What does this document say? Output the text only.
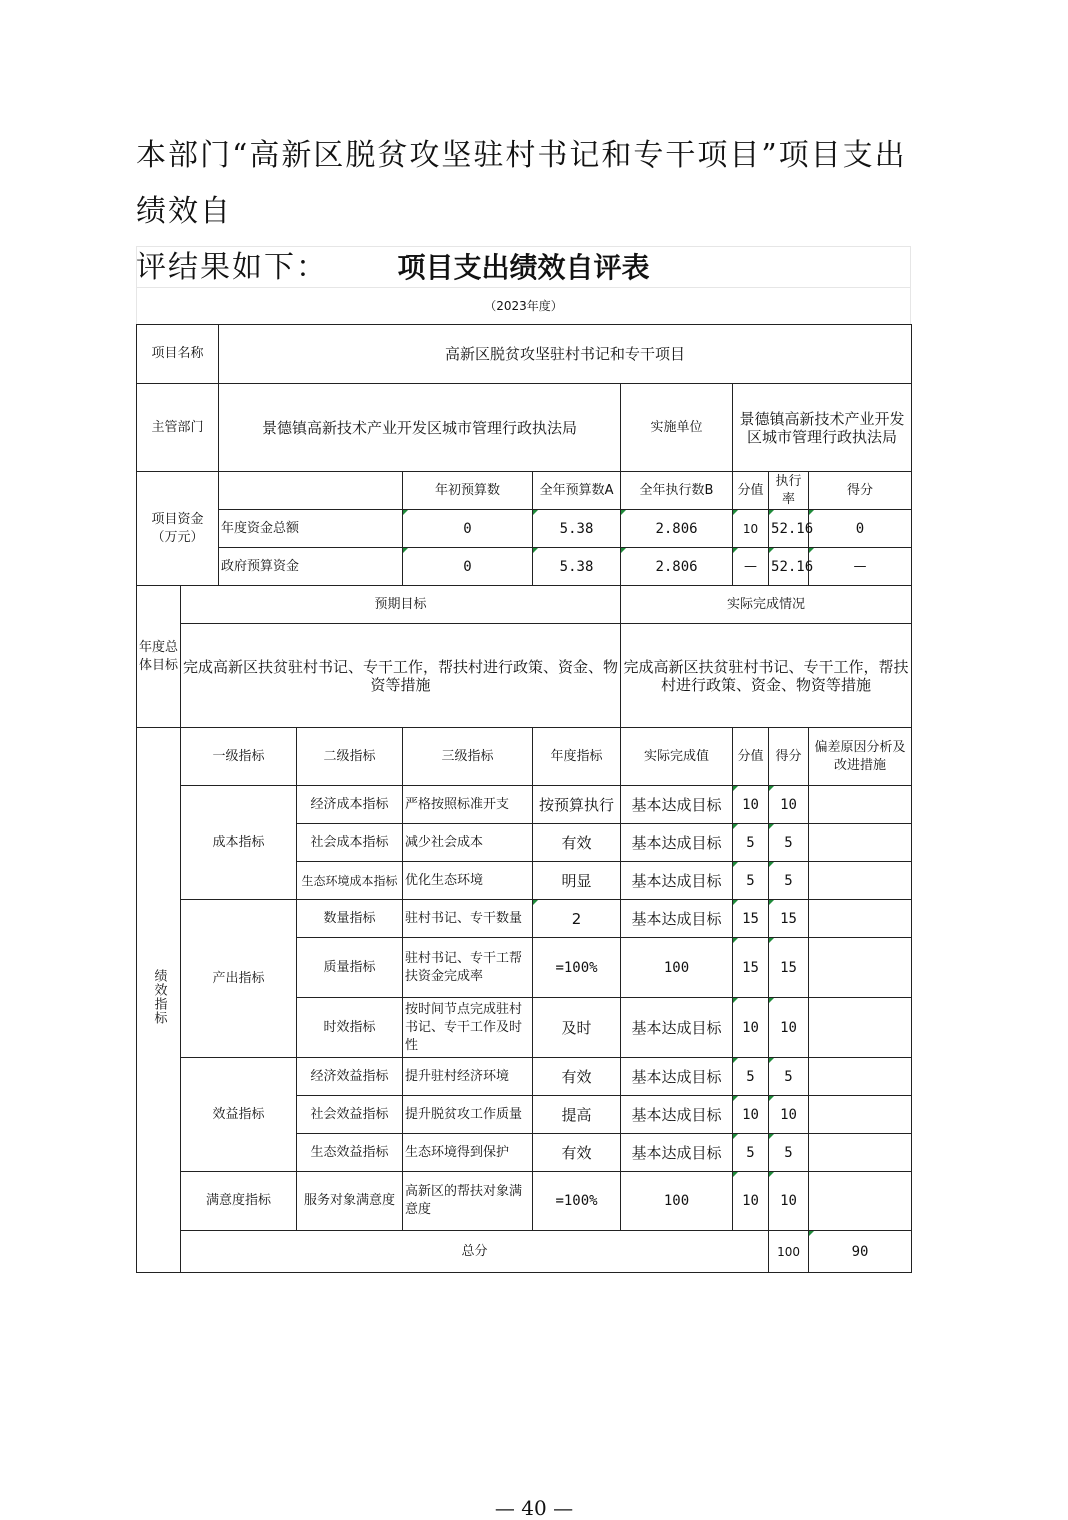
本部门“高新区脱贫攻坚驻村书记和专干项目”项目支出绩效自

评结果如下：	项目支出绩效自评表
（2023年度）
项目名称		高新区脱贫攻坚驻村书记和专干项目								
主管部门		景德镇高新技术产业开发区城市管理行政执法局				实施单位	景德镇高新技术产业开发区城市管理行政执法局			
项目资金（万元）				年初预算数	全年预算数A	全年执行数B	分值	执行率	得分	
		年度资金总额		0	5.38	2.806	10	52.16	0	
		政府预算资金		0	5.38	2.806	—	52.16	—	
年度总体目标	预期目标					实际完成情况				
	完成高新区扶贫驻村书记、专干工作，帮扶村进行政策、资金、物资等措施					完成高新区扶贫驻村书记、专干工作，帮扶村进行政策、资金、物资等措施				
绩效指标	一级指标		二级指标	三级指标	年度指标	实际完成值	分值	得分	偏差原因分析及改进措施	
	成本指标		经济成本指标	严格按照标准开支	按预算执行	基本达成目标	10	10		
			社会成本指标	减少社会成本	有效	基本达成目标	5	5		
			生态环境成本指标	优化生态环境	明显	基本达成目标	5	5		
	产出指标		数量指标	驻村书记、专干数量	2	基本达成目标	15	15		
			质量指标	驻村书记、专干工帮扶资金完成率	=100%	100	15	15		
			时效指标	按时间节点完成驻村书记、专干工作及时性	及时	基本达成目标	10	10		
	效益指标		经济效益指标	提升驻村经济环境	有效	基本达成目标	5	5		
			社会效益指标	提升脱贫攻工作质量	提高	基本达成目标	10	10		
			生态效益指标	生态环境得到保护	有效	基本达成目标	5	5		
	满意度指标		服务对象满意度	高新区的帮扶对象满意度	=100%	100	10	10		
	总分							100	90	
— 40 —
